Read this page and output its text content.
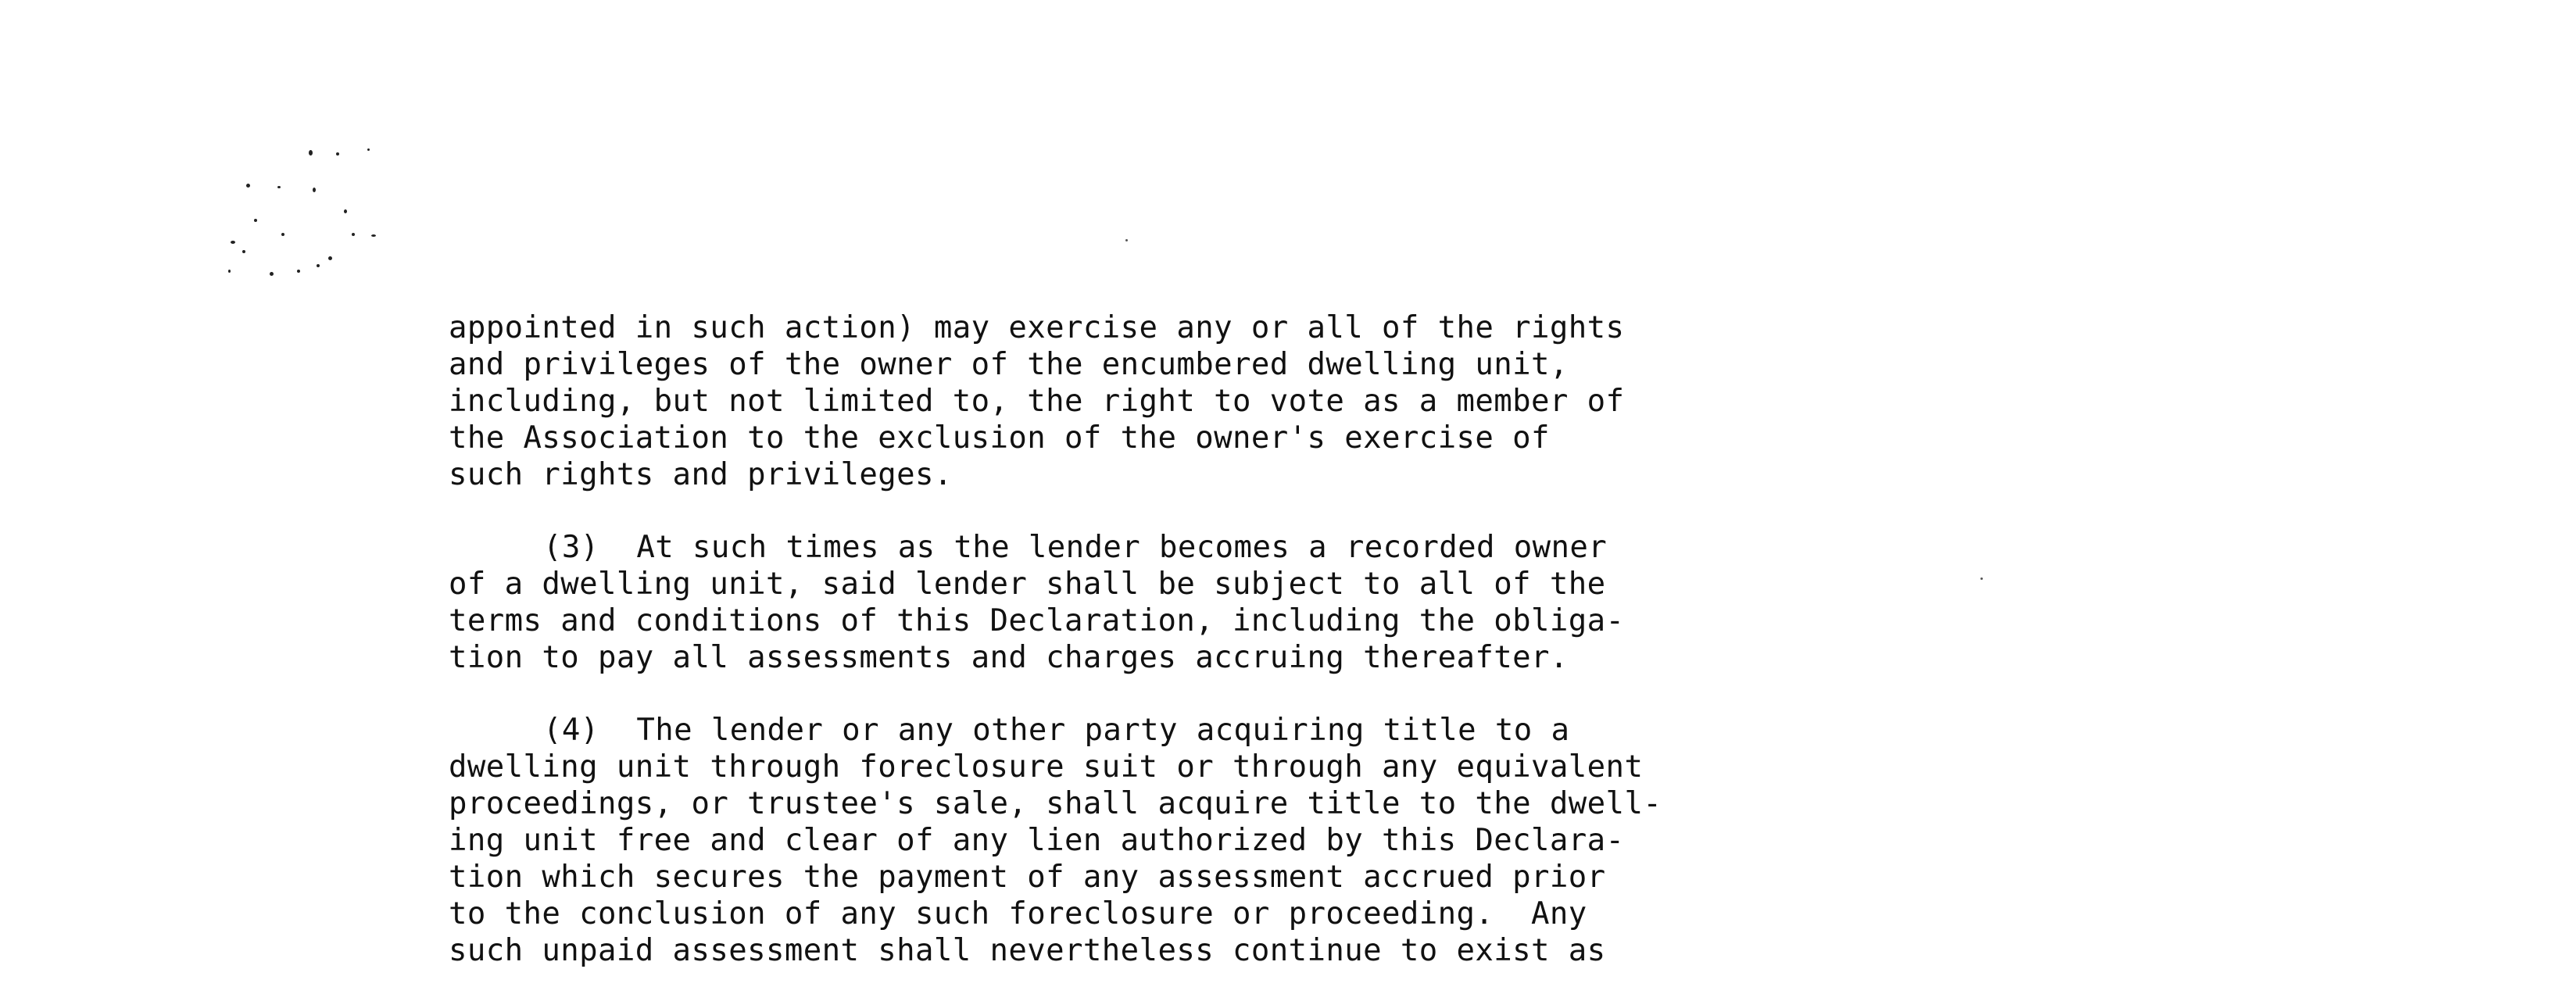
appointed in such action) may exercise any or all of the rights
and privileges of the owner of the encumbered dwelling unit,
including, but not limited to, the right to vote as a member of
the Association to the exclusion of the owner's exercise of
such rights and privileges.
(3)  At such times as the lender becomes a recorded owner
of a dwelling unit, said lender shall be subject to all of the
terms and conditions of this Declaration, including the obliga-
tion to pay all assessments and charges accruing thereafter.
(4)  The lender or any other party acquiring title to a
dwelling unit through foreclosure suit or through any equivalent
proceedings, or trustee's sale, shall acquire title to the dwell-
ing unit free and clear of any lien authorized by this Declara-
tion which secures the payment of any assessment accrued prior
to the conclusion of any such foreclosure or proceeding.  Any
such unpaid assessment shall nevertheless continue to exist as
